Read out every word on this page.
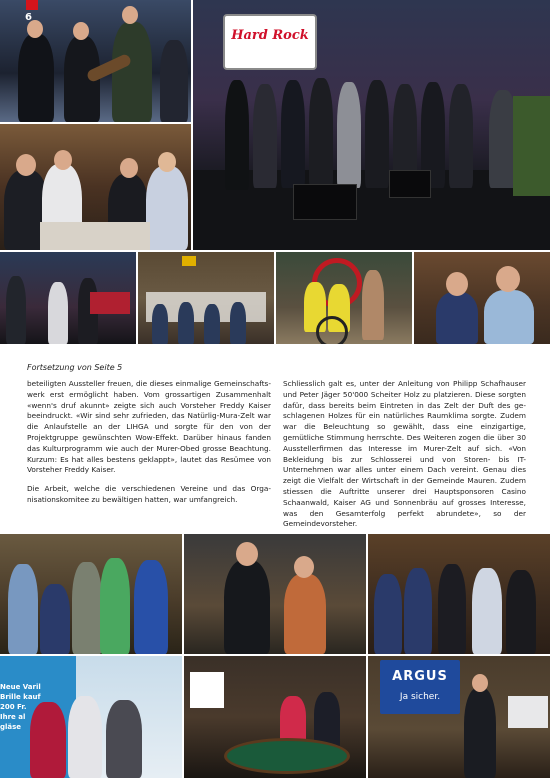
6
Hard Rock
Fortsetzung von Seite 5

beteiligten Aussteller freuen, die dieses einmalige Gemeinschaftswerk erst ermöglicht haben. Vom grossartigen Zusammenhalt «wenn's druf akunnt» zeigte sich auch Vorsteher Freddy Kaiser beeindruckt. «Wir sind sehr zufrieden, das Natürlig-Mura-Zelt war die Anlaufstelle an der LIHGA und sorgte für den von der Projektgruppe gewünschten Wow-Effekt. Darüber hinaus fanden das Kulturprogramm wie auch der Murer-Obed grosse Beachtung. Kurzum: Es hat alles bestens geklappt», lautet das Resümee von Vorsteher Freddy Kaiser.

Die Arbeit, welche die verschiedenen Vereine und das Organisationskomitee zu bewältigen hatten, war umfangreich.

Schliesslich galt es, unter der Anleitung von Philipp Schafhauser und Peter Jäger 50'000 Scheiter Holz zu platzieren. Diese sorgten dafür, dass bereits beim Eintreten in das Zelt der Duft des geschlagenen Holzes für ein natürliches Raumklima sorgte. Zudem war die Beleuchtung so gewählt, dass eine einzigartige, gemütliche Stimmung herrschte. Des Weiteren zogen die über 30 Ausstellerfirmen das Interesse im Murer-Zelt auf sich. «Von Bekleidung bis zur Schlosserei und von Storen- bis IT-Unternehmen war alles unter einem Dach vereint. Genau dies zeigt die Vielfalt der Wirtschaft in der Gemeinde Mauren. Zudem stiessen die Auftritte unserer drei Hauptsponsoren Casino Schaanwald, Kaiser AG und Sonnenbräu auf grosses Interesse, was den Gesamterfolg perfekt abrundete», so der Gemeindevorsteher.

Neue Varil
Brille kauf
200 Fr.
Ihre al
gläse
ARGUS
Ja sicher.
